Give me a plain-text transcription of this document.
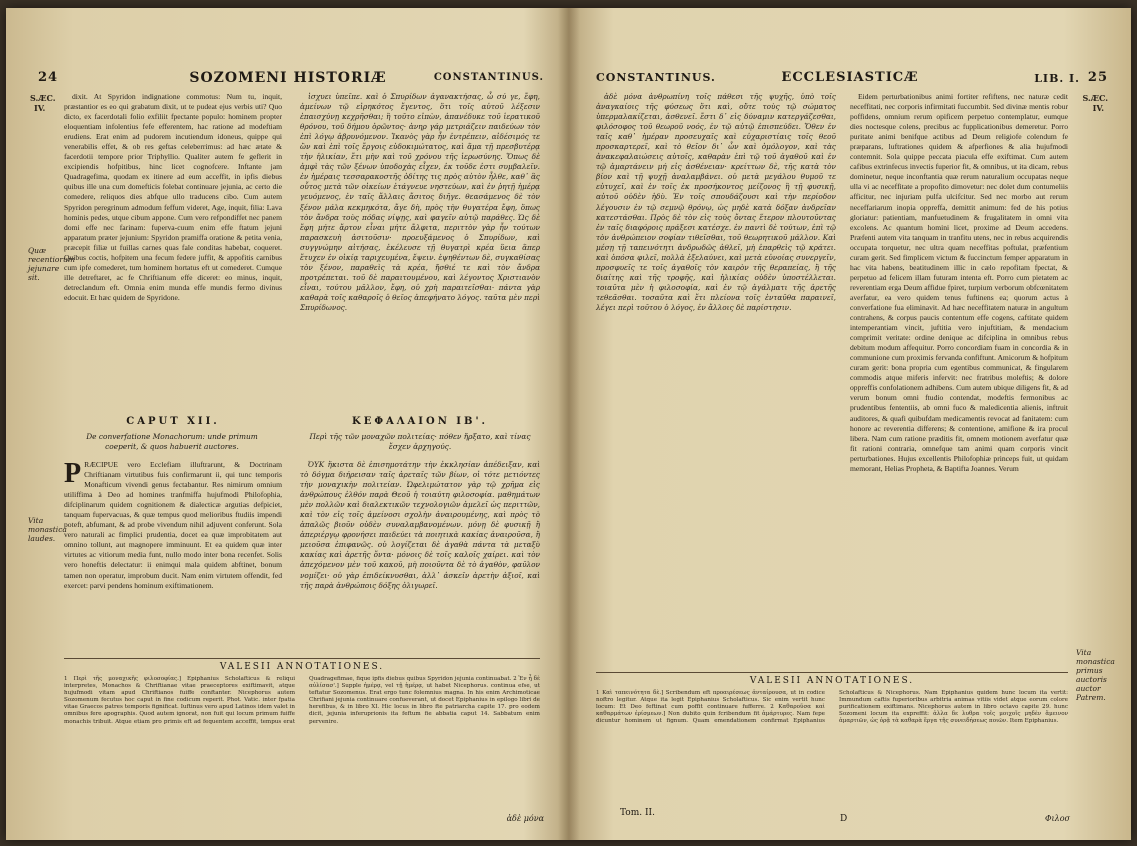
24	SOZOMENI HISTORIÆ	CONSTANTINUS.
S.ÆC.
IV.
Quæ recentiorum jejunare sit.
Vita monastica laudes.

dixit. At Spyridon indignatione commotus: Num tu, inquit, præstantior es eo qui grabatum dixit, ut te pudeat ejus verbis uti? Quo dicto, ex facerdotali folio exfiliit fpectante populo: hominem propter eloquentiam infolentius fefe efferentem, hac ratione ad modeftiam erudiens. Erat enim ad pudorem incutiendum idoneus, quippe qui venerabilis effet, & ob res geftas celeberrimus: ad hæc ætate & facerdotii tempore prior Triphyllio. Qualiter autem fe geflerit in excipiendis hofpitibus, hinc licet cognofcere. Inftante jam Quadragefima, quodam ex itinere ad eum acceffit, in ipfis diebus quibus ille una cum domefticis folebat continuare jejunia, ac certo die comedere, reliquos dies abfque ullo traducens cibo. Cum autem Spyridon peregrinum admodum feffum videret, Age, inquit, filia: Lava hominis pedes, utque cibum appone. Cum vero refpondiffet nec panem domi effe nec farinam: fuperva-cuum enim effe ftatum jejuni apparatum præter jejunium: Spyridon pramiffa oratione & petita venia, præcepit filiæ ut fuillas carnes quas fale conditas habebat, coqueret. Quibus coctis, hofpitem una fecum federe juffit, & appofitis carnibus cum ipfe comederet, tum hominem hortatus eft ut comederet. Cumque ille detreftaret, ac fe Chriftianum effe diceret: eo minus, inquit, detreclandum eft. Omnia enim munda effe mundis fermo divinus edocuit. Et hæc quidem de Spyridone.

ἰσχυει ὑπεῖπε. καὶ ὁ Σπυρίδων ἀγανακτήσας, ὦ σύ γε, ἔφη, ἀμείνων τῷ εἰρηκότος ἔγεντος, ὅτι τοῖς αὐτοῦ λέξεσιν ἐπαισχύνῃ κεχρῆσθαι; ἢ τοῦτο εἰπὼν, ἀπανέδυκε τοῦ ἱερατικοῦ θρόνου, τοῦ δήμου ὁρῶντος· ἀνηρ γάρ μετριάζειν παιδεύων τὸν ἐπὶ λόγῳ ἀβρυνόμενον. Ἱκανὸς γὰρ ἦν ἐντρέπειν, αἰδέσιμός τε ὢν καὶ ἐπὶ τοῖς ἔργοις εὐδοκιμώτατος, καὶ ἅμα τῇ πρεσβυτέρᾳ τὴν ἡλικίαν, ἔτι μὴν καὶ τοῦ χρόνου τῆς ἱερωσύνης. Ὅπως δὲ ἀμφὶ τὰς τῶν ξένων ὑποδοχὰς εἶχεν, ἐκ τοῦδε ἐστι συμβαλεῖν. ἐν ἡμέραις τεσσαρακοστῆς ὁδίτης τις πρὸς αὐτὸν ἦλθε, καθ᾽ ἃς οὗτος μετὰ τῶν οἰκείων ἐτάγνευε νηστεύων, καὶ ἐν ῥητῇ ἡμέρᾳ γευόμενος, ἐν ταῖς ἄλλαις ἄσιτος διῆγε. θεασάμενος δὲ τὸν ξένον μάλα κεκμηκότα, ἄγε δὴ, πρὸς τὴν θυγατέρα ἔφη, ὅπως τὸν ἄνδρα τοὺς πόδας νίψῃς, καὶ φαγεῖν αὐτῷ παράθες. Ὡς δὲ ἔφη μήτε ἄρτον εἶναι μήτε ἄλφιτα, περιττὸν γὰρ ἦν τούτων παρασκευὴ ἀσιτοῦσιν· προευξάμενος ὁ Σπυρίδων, καὶ συγγνώμην αἰτήσας, ἐκέλευσε τῇ θυγατρὶ κρέα ὕεια ἅπερ ἔτυχεν ἐν οἰκίᾳ ταριχευμένα, ἕψειν. ἑψηθέντων δὲ, συγκαθίσας τὸν ξένον, παραθεὶς τὰ κρέα, ἤσθιέ τε καὶ τὸν ἄνδρα προτρέπεται. τοῦ δὲ παραιτουμένου, καὶ λέγοντος Χριστιανὸν εἶναι, τούτου μᾶλλον, ἔφη, οὐ χρὴ παραιτεῖσθαι· πάντα γὰρ καθαρὰ τοῖς καθαροῖς ὁ θεῖος ἀπεφήνατο λόγος. ταῦτα μὲν περὶ Σπυρίδωνος.

CAPUT XII.	ΚΕΦΑΛΑΙΟΝ ΙΒ'.
De converfatione Monachorum: unde primum coeperit, & quos habuerit auctores.
Περὶ τῆς τῶν μοναχῶν πολιτείας· πόθεν ἤρξατο, καὶ τίνας ἔσχεν ἀρχηγούς.
P RÆCIPUE vero Ecclefiam illuftrarunt, & Doctrinam Chriftianam virtutibus fuis confirmarunt ii, qui tunc temporis Monafticum vivendi genus fectabantur. Res nimirum omnium utiliffima à Deo ad homines tranfmiffa hujufmodi Philofophia, difciplinarum quidem cognitionem & dialecticæ argutias defpiciet, tanquam fupervacuas, & quæ tempus quod melioribus ftudiis impendi poteft, abfumant, & ad probe vivendum nihil adjuvent conferunt. Sola vero naturali ac fimplici prudentia, docet ea quæ improbitatem aut omnino tollunt, aut magnopere imminuunt. Et ea quidem quæ inter virtutes ac vitiorum media funt, nullo modo inter bona recenfet. Solis vero honeftis delectatur: ii enimqui mala quidem abftinet, bonum tamen non operatur, improbum ducit. Nam enim virtutem offendit, fed exercet: parvi pendens hominum exiftimationem.

ὈΥΚ ἥκιστα δὲ ἐπισημοτάτην τὴν ἐκκλησίαν ἀπέδειξαν, καὶ τὸ δόγμα διήρεισαν ταῖς ἀρεταῖς τῶν βίων, οἱ τότε μετιόντες τὴν μοναχικὴν πολιτείαν. Ὠφελιμώτατον γὰρ τῷ χρῆμα εἰς ἀνθρώπους ἐλθόν παρὰ Θεοῦ ἡ τοιαύτη φιλοσοφία. μαθημάτων μὲν πολλῶν καὶ διαλεκτικῶν τεχνολογιῶν ἀμελεῖ ὡς περιττῶν, καὶ τὸν εἰς τοῖς ἀμείνοσι σχολὴν ἀναιρουμένης, καὶ πρὸς τὸ ἀπαλῶς βιοῦν οὐδὲν συναλαμβανομένων. μόνῃ δὲ φυσικῇ ἢ ἀπεριέργῳ φρονήσει παιδεύει τὰ ποιητικὰ κακίας ἀναιροῦσα, ἢ μειοῦσα ἐπιφανῶς. οὐ λογίζεται δὲ ἀγαθὰ πάντα τὰ μεταξὺ κακίας καὶ ἀρετῆς ὄντα· μόνοις δὲ τοῖς καλοῖς χαίρει. καὶ τὸν ἀπεχόμενον μὲν τοῦ κακοῦ, μὴ ποιοῦντα δὲ τὸ ἀγαθὸν, φαῦλον νομίζει· οὐ γὰρ ἐπιδείκνυσθαι, ἀλλ᾽ ἀσκεῖν ἀρετὴν ἀξιοῖ, καὶ τῆς παρὰ ἀνθρώποις δόξης ὀλιγωρεῖ.

VALESII ANNOTATIONES.
1 Περὶ τῆς μοναχικῆς φιλοσοφίας.] Epiphanius Scholafticus & reliqui interpretes, Monachos & Chriftianae vitae praeceptores exiftimavit, atque hujufmodi vitam apud Chriftianos fuiffe conftanter. Nicephorus autem Sozomenum fecutus hoc caput in fine codicum reperit. Phot. Vatic. inter fpatia vitae Graecos patres temporis fignificat. Iuftinus vero apud Latinos idem valet in omnibus fere apographis. Quod autem ignorat, non fuit qui locum primum fuiffe monachis tribuit. Atque etiam pro primis eft ad fequentem acceffit, tempus erat Quadragefimae, fique ipfis diebus quibus Spyridon jejunia continuabat. 2 Ἐν ἧ̣ δὲ αὐλίσασ'.] Supple ἡμέρᾳ, vel τῇ ἡμέρᾳ, ut habet Nicephorus. continua efse, ut teftatur Sozomenus. Erat ergo tunc folemnius magna. In his enim Archimoticae Chrifiani jejunia continuare confueverant, ut docet Epiphanius in epilogo libri de herefibus, & in libro XI. Hic locus in libro fte patriarcha capite 17. pro eodem dicit, jejunia inferuprionis ita feftum fie abbatia caput 14. Sabbatum enim pervenire.
ἀδὲ μόνα
CONSTANTINUS.	ECCLESIASTICÆ	LIB. I. 25
S.ÆC.
IV.
Vita monastica primus auctoris auctor Patrem.

ἀδὲ μόνα ἀνθρωπίνη τοῖς πάθεσι τῆς ψυχῆς, ὑπὸ τοῖς ἀναγκαίοις τῆς φύσεως ὅτι καὶ, οὔτε τοὺς τῷ σώματος ὑπερμαλακίζεται, ἀσθενεῖ. ἔστι δ᾽ εἰς δύναμιν κατεργάζεσθαι, φιλόσοφος τοῦ θεωροῦ νοός, ἐν τῷ αὐτῷ ἐπισπεύδει. Ὅθεν ἐν ταῖς καθ᾽ ἡμέραν προσευχαῖς καὶ εὐχαριστίαις τοῖς θεοῦ προσκαρτερεῖ, καὶ τὸ θεῖον δι᾽ ὧν καὶ ὁμόλογον, καὶ τὰς ἀνακεφαλαιώσεις αὐτοῖς, καθαρὰν ἐπὶ τῷ τοῦ ἀγαθοῦ καὶ ἐν τῷ ἀμαρτάνειν μή εἰς ἀσθένειαν· κρείττων δὲ, τῆς κατὰ τὸν βίον καὶ τῇ ψυχῇ ἀναλαμβάνει. οὐ μετὰ μεγάλου θυμοῦ τε εὐτυχεῖ, καὶ ἐν τοῖς ἐκ προσήκοντος μείζονος ἢ τῇ φυσικῇ, αὐτοῦ οὐδὲν ἡδὺ. Ἐν τοῖς σπουδάζουσι καὶ τὴν περίοδον λέγουσιν ἐν τῷ σεμνῷ θρόνῳ, ὡς μηδὲ κατὰ δόξαν ἀνδρεῖαν κατεστάσθαι. Πρὸς δὲ τὸν εἰς τοὺς ὄντας ἕτερον πλουτοῦντας ἐν ταῖς διαφόροις πράξεσι κατέσχε. ἐν παντὶ δὲ τούτων, ἐπὶ τῷ τὸν ἀνθρώπειον σοφίαν τιθεῖσθαι, τοῦ θεωρητικοῦ μάλλον. Καὶ μέσῃ τῇ ταπεινότητι ἀνδρωδῶς ἀθλεῖ, μὴ ἐπαρθεὶς τῷ κράτει. καὶ ὁπόσα φιλεῖ, πολλὰ ἐξελαύνει, καὶ μετὰ εὐνοίας συνεργεῖν, προσφυεῖς τε τοῖς ἀγαθοῖς τὸν καιρὸν τῆς θεραπείας, ἢ τῆς διαίτης καὶ τῆς τροφῆς, καὶ ἡλικίας οὐδὲν ὑποστέλλεται. τοιαῦτα μὲν ἡ φιλοσοφία, καὶ ἐν τῷ ἀγάλματι τῆς ἀρετῆς τεθεᾶσθαι. τοσαῦτα καὶ ἔτι πλείονα τοῖς ἐνταῦθα παραινεῖ, λέγει περὶ τοῦτου ὁ λόγος, ἐν ἄλλοις δὲ παρίστησιν.

Eidem perturbationibus animi fortiter refiftens, nec naturæ cedit neceffitati, nec corporis infirmitati fuccumbit. Sed divinæ mentis robur poffidens, omnium rerum opificem perpetuo contemplatur, eumque dies noctesque colens, precibus ac fupplicationibus demeretur. Porro puritate animi benifque actibus ad Deum religiofe colendum fe præparans, luftrationes quidem & afperfiones & alia hujufmodi contemnit. Sola quippe peccata piacula effe exiftimat. Cum autem cafibus extrinfecus invectis fuperior fit, & omnibus, ut ita dicam, rebus dominetur, neque inconftantia quæ rerum naturalium occupatas neque ulla vi ac neceffitate a propofito dimovetur: nec dolet dum contumeliis afficitur, nec injuriam pulfa ulcifcitur. Sed nec morbo aut rerum neceffariarum inopia oppreffa, demittit animum: fed de his potius gloriatur: patientiam, manfuetudinem & frugalitatem in omni vita excolens. Ac quantum homini licet, proxime ad Deum accedens. Præfenti autem vita tanquam in tranfitu utens, nec in rebus acquirendis occupata torquetur, nec ultra quam neceffitas poftulat, præfentium curam gerit. Sed fimplicem victum & fuccinctum femper apparatum in hac vita habens, beatitudinem illic in cælo repofitam fpectat, & perpetuo ad felicem illam futuram intenta eft. Porro cum pietatem ac reverentiam erga Deum affidue fpiret, turpium verborum obfcœnitatem averfatur, ea vero quidem tenus fuftinens ea; quorum actus à converfatione fua eliminavit. Ad hæc neceffitatem naturæ in angultum contrahens, & corpus paucis contentum effe cogens, caftitate quidem intemperantiam vincit, juftitia vero injuftitiam, & mendacium comprimit veritate: ordine denique ac difciplina in omnibus rebus debitum modum affequitur. Porro concordiam fuam in concordia & in communione cum proximis fervanda confiftunt. Amicorum & hofpitum curam gerit: bona propria cum egentibus communicat, & fingularem commodis atque miferis infervit: nec fratribus moleftis; & dolore oppreffis confolationem adhibens. Cum autem ubique diligens fit, & ad verum bonum omni ftudio contendat, modeftis fermonibus ac prudentibus fententiis, ab omni fuco & maledicentia alienis, inftruit auditores, & quafi quibufdam medicamentis revocat ad fanitatem: cum honore ac reverentia differens; & contentione, amifione & ira procul libera. Nam cum ratione præditis fit, omnem motionem averfatur quæ fit rationi contraria, omnefque tam animi quam corporis vincit perturbationes. Hujus excellentis Philofophiæ princeps fuit, ut quidam memorant, Helias Propheta, & Baptifta Joannes. Verum

VALESII ANNOTATIONES.
1 Καὶ ταπεινότητα δὲ.] Scribendum eft προαιρέσεως ἀνταίρουσα, ut in codice noftro legitur. Atque ita legit Epiphanius Scholafticus. Sic enim vertit hunc locum: Et Deo feftinat cum poffit continuare fufferre. 2 Καθαροῦσα καὶ καθαρμάτων ἐρίσμεων.] Non dubito quin fcribendum fit ἀμάρτυρες. Nam fepe dicuntur hominem ut fignum. Quam emendationem confirmat Epiphanius Scholafticus & Nicephorus. Nam Epiphanius quidem hunc locum ita vertit: Immundum caftis fuperioribus arbitria animas vitiis videt atque eorum colore purificationem exiftimans. Nicephorus autem in libro octavo capite 29. hunc Sozomeni locum ita expreffit: ἀλλα δε λυθρα τοῖς μοιχοῖς μηδὲν ἄμεινον ἀμαρτιῶν, ὡς ὁρᾷ τὰ καθαρὰ ἔργα τῆς συνειδήσεως ποιῶν. Item Epiphanius.
Tom. II.
D	Φιλοσ
